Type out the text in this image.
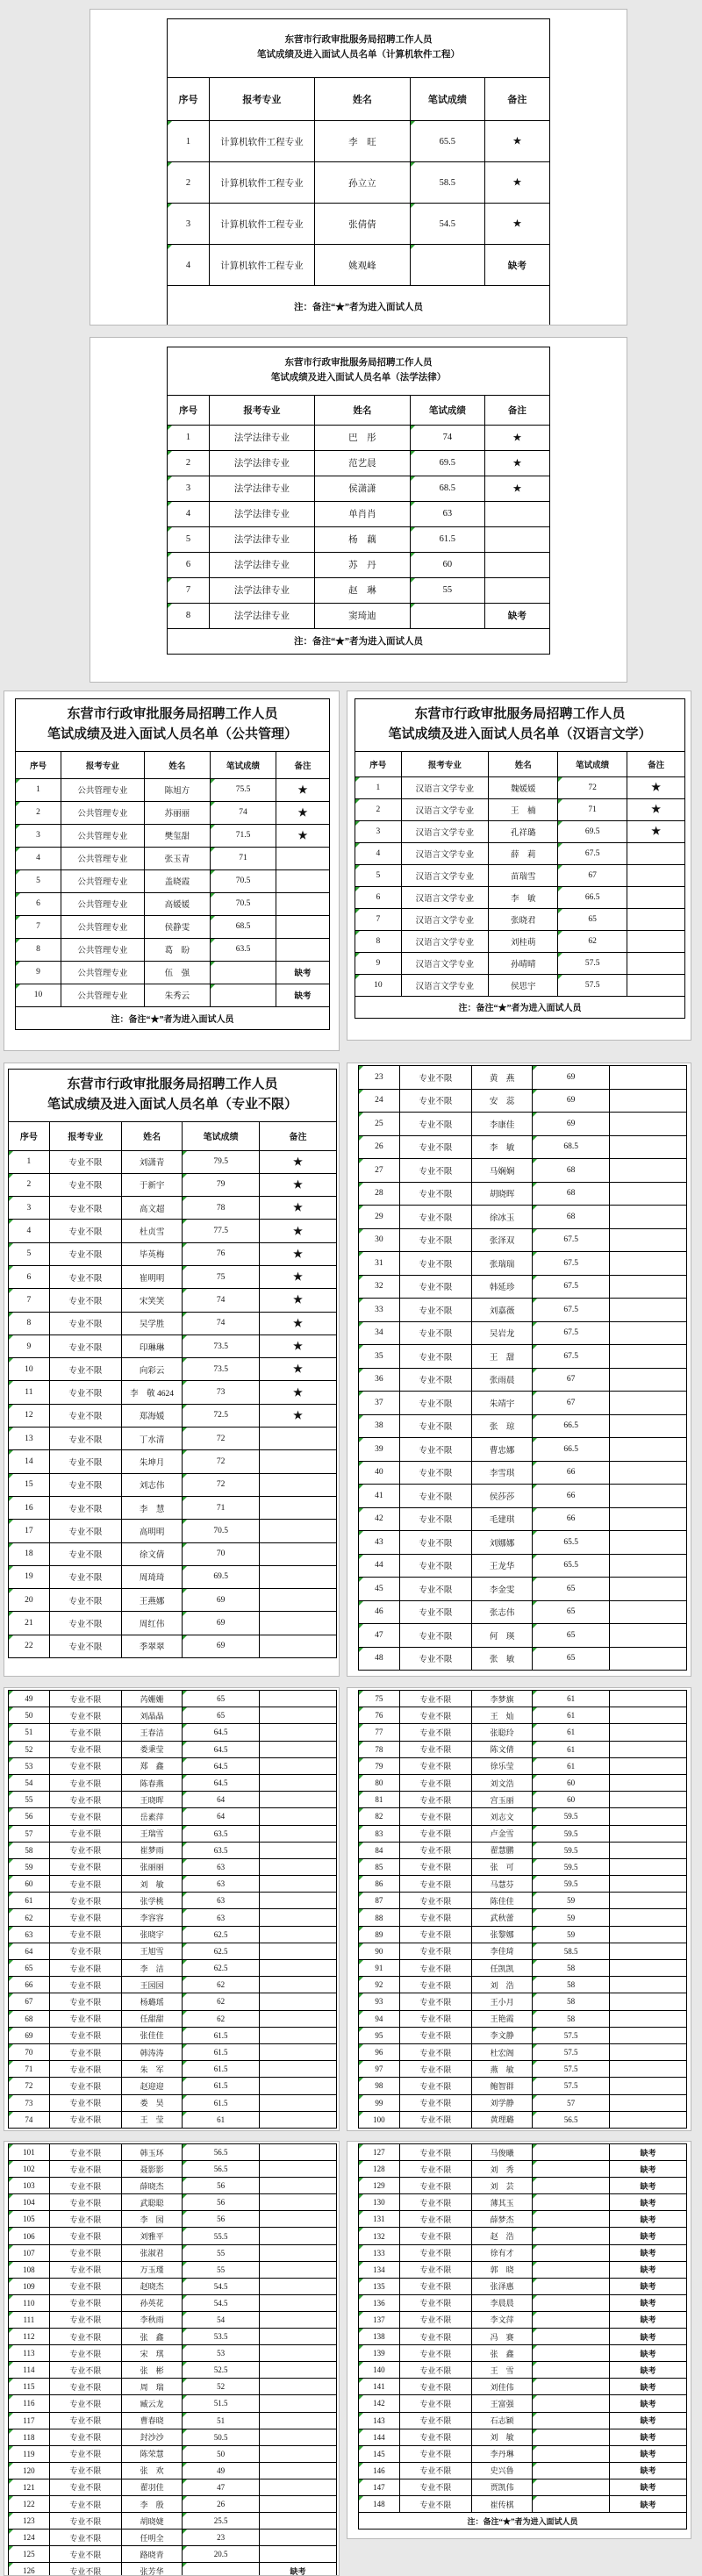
东营市行政审批服务局招聘工作人员
笔试成绩及进入面试人员名单（计算机软件工程）				
序号	报考专业	姓名	笔试成绩	备注
1	计算机软件工程专业	李　旺	65.5	★
2	计算机软件工程专业	孙立立	58.5	★
3	计算机软件工程专业	张倩倩	54.5	★
4	计算机软件工程专业	姚观峰		缺考
注：备注“★”者为进入面试人员				
东营市行政审批服务局招聘工作人员
笔试成绩及进入面试人员名单（法学法律）				
序号	报考专业	姓名	笔试成绩	备注
1	法学法律专业	巴　彤	74	★
2	法学法律专业	范艺晨	69.5	★
3	法学法律专业	侯潇潇	68.5	★
4	法学法律专业	单肖肖	63	
5	法学法律专业	杨　藕	61.5	
6	法学法律专业	苏　丹	60	
7	法学法律专业	赵　琳	55	
8	法学法律专业	窦琦迪		缺考
注：备注“★”者为进入面试人员				
东营市行政审批服务局招聘工作人员
笔试成绩及进入面试人员名单（公共管理）				
序号	报考专业	姓名	笔试成绩	备注
1	公共管理专业	陈旭方	75.5	★
2	公共管理专业	苏丽丽	74	★
3	公共管理专业	樊玺甜	71.5	★
4	公共管理专业	张玉青	71	
5	公共管理专业	盖晓霞	70.5	
6	公共管理专业	高媛媛	70.5	
7	公共管理专业	侯静雯	68.5	
8	公共管理专业	葛　盼	63.5	
9	公共管理专业	伍　强		缺考
10	公共管理专业	朱秀云		缺考
注：备注“★”者为进入面试人员				
东营市行政审批服务局招聘工作人员
笔试成绩及进入面试人员名单（汉语言文学）				
序号	报考专业	姓名	笔试成绩	备注
1	汉语言文学专业	魏媛媛	72	★
2	汉语言文学专业	王　楠	71	★
3	汉语言文学专业	孔祥璐	69.5	★
4	汉语言文学专业	薛　莉	67.5	
5	汉语言文学专业	苗瑞雪	67	
6	汉语言文学专业	李　敏	66.5	
7	汉语言文学专业	张晓君	65	
8	汉语言文学专业	刘桂萌	62	
9	汉语言文学专业	孙晴晴	57.5	
10	汉语言文学专业	侯思宇	57.5	
注：备注“★”者为进入面试人员				
东营市行政审批服务局招聘工作人员
笔试成绩及进入面试人员名单（专业不限）				
序号	报考专业	姓名	笔试成绩	备注
1	专业不限	刘潇青	79.5	★
2	专业不限	于新宇	79	★
3	专业不限	高文超	78	★
4	专业不限	杜贞雪	77.5	★
5	专业不限	毕英梅	76	★
6	专业不限	崔明明	75	★
7	专业不限	宋笑笑	74	★
8	专业不限	吴学胜	74	★
9	专业不限	印琳琳	73.5	★
10	专业不限	向彩云	73.5	★
11	专业不限	李　敬 4624	73	★
12	专业不限	郑海媛	72.5	★
13	专业不限	丁水清	72	
14	专业不限	朱坤月	72	
15	专业不限	刘志伟	72	
16	专业不限	李　慧	71	
17	专业不限	高明明	70.5	
18	专业不限	徐文倩	70	
19	专业不限	周琦琦	69.5	
20	专业不限	王燕娜	69	
21	专业不限	周红伟	69	
22	专业不限	季翠翠	69	
23	专业不限	黄　燕	69	
24	专业不限	安　蕊	69	
25	专业不限	李康佳	69	
26	专业不限	李　敏	68.5	
27	专业不限	马娴娴	68	
28	专业不限	胡晓晖	68	
29	专业不限	徐冰玉	68	
30	专业不限	张泽双	67.5	
31	专业不限	张瑞瑞	67.5	
32	专业不限	韩延珍	67.5	
33	专业不限	刘嘉薇	67.5	
34	专业不限	吴岩龙	67.5	
35	专业不限	王　甜	67.5	
36	专业不限	张雨晨	67	
37	专业不限	朱靖宇	67	
38	专业不限	张　琼	66.5	
39	专业不限	曹忠娜	66.5	
40	专业不限	李雪琪	66	
41	专业不限	侯莎莎	66	
42	专业不限	毛建琪	66	
43	专业不限	刘娜娜	65.5	
44	专业不限	王龙华	65.5	
45	专业不限	李金雯	65	
46	专业不限	张志伟	65	
47	专业不限	何　瑛	65	
48	专业不限	张　敏	65	
49	专业不限	芮姗姗	65	
50	专业不限	刘晶晶	65	
51	专业不限	王春洁	64.5	
52	专业不限	娄秉莹	64.5	
53	专业不限	郑　鑫	64.5	
54	专业不限	陈春燕	64.5	
55	专业不限	王晓晖	64	
56	专业不限	岳素萍	64	
57	专业不限	王瑞雪	63.5	
58	专业不限	崔梦雨	63.5	
59	专业不限	张丽丽	63	
60	专业不限	刘　敏	63	
61	专业不限	张学桃	63	
62	专业不限	李容容	63	
63	专业不限	张晓宇	62.5	
64	专业不限	王旭雪	62.5	
65	专业不限	李　洁	62.5	
66	专业不限	王园园	62	
67	专业不限	杨璐瑶	62	
68	专业不限	任甜甜	62	
69	专业不限	张佳佳	61.5	
70	专业不限	韩涛涛	61.5	
71	专业不限	朱　军	61.5	
72	专业不限	赵迎迎	61.5	
73	专业不限	娄　昊	61.5	
74	专业不限	王　莹	61	
75	专业不限	李梦旗	61	
76	专业不限	王　灿	61	
77	专业不限	张聪玲	61	
78	专业不限	陈文倩	61	
79	专业不限	徐乐莹	61	
80	专业不限	刘文浩	60	
81	专业不限	宫玉丽	60	
82	专业不限	刘志文	59.5	
83	专业不限	卢金雪	59.5	
84	专业不限	翟慧鹏	59.5	
85	专业不限	张　可	59.5	
86	专业不限	马慧芬	59.5	
87	专业不限	陈佳佳	59	
88	专业不限	武秋蕾	59	
89	专业不限	张黎娜	59	
90	专业不限	李佳琦	58.5	
91	专业不限	任凯凯	58	
92	专业不限	刘　浩	58	
93	专业不限	王小月	58	
94	专业不限	王艳霞	58	
95	专业不限	李文静	57.5	
96	专业不限	杜宏阁	57.5	
97	专业不限	燕　敏	57.5	
98	专业不限	鲍智群	57.5	
99	专业不限	刘学静	57	
100	专业不限	黄理璐	56.5	
101	专业不限	韩玉环	56.5	
102	专业不限	聂影影	56.5	
103	专业不限	薛晓杰	56	
104	专业不限	武聪聪	56	
105	专业不限	李　园	56	
106	专业不限	刘雅平	55.5	
107	专业不限	张淑君	55	
108	专业不限	万玉瑾	55	
109	专业不限	赵晓杰	54.5	
110	专业不限	孙英花	54.5	
111	专业不限	李秋雨	54	
112	专业不限	张　鑫	53.5	
113	专业不限	宋　琪	53	
114	专业不限	张　彬	52.5	
115	专业不限	周　瑞	52	
116	专业不限	臧云龙	51.5	
117	专业不限	曹春晓	51	
118	专业不限	封沙沙	50.5	
119	专业不限	陈荣慧	50	
120	专业不限	张　欢	49	
121	专业不限	翟羽佳	47	
122	专业不限	李　殷	26	
123	专业不限	胡晓婕	25.5	
124	专业不限	任明全	23	
125	专业不限	路晓青	20.5	
126	专业不限	张芳华		缺考

127	专业不限	马俊曦		缺考
128	专业不限	刘　秀		缺考
129	专业不限	刘　芸		缺考
130	专业不限	薄其玉		缺考
131	专业不限	薛梦杰		缺考
132	专业不限	赵　浩		缺考
133	专业不限	徐有才		缺考
134	专业不限	郭　晓		缺考
135	专业不限	张泽惠		缺考
136	专业不限	李晨晨		缺考
137	专业不限	李文萍		缺考
138	专业不限	冯　赛		缺考
139	专业不限	张　鑫		缺考
140	专业不限	王　雪		缺考
141	专业不限	刘佳伟		缺考
142	专业不限	王富强		缺考
143	专业不限	石志颖		缺考
144	专业不限	刘　敏		缺考
145	专业不限	李丹琳		缺考
146	专业不限	史兴鲁		缺考
147	专业不限	贾凯伟		缺考
148	专业不限	崔传棋		缺考
注：备注“★”者为进入面试人员				
